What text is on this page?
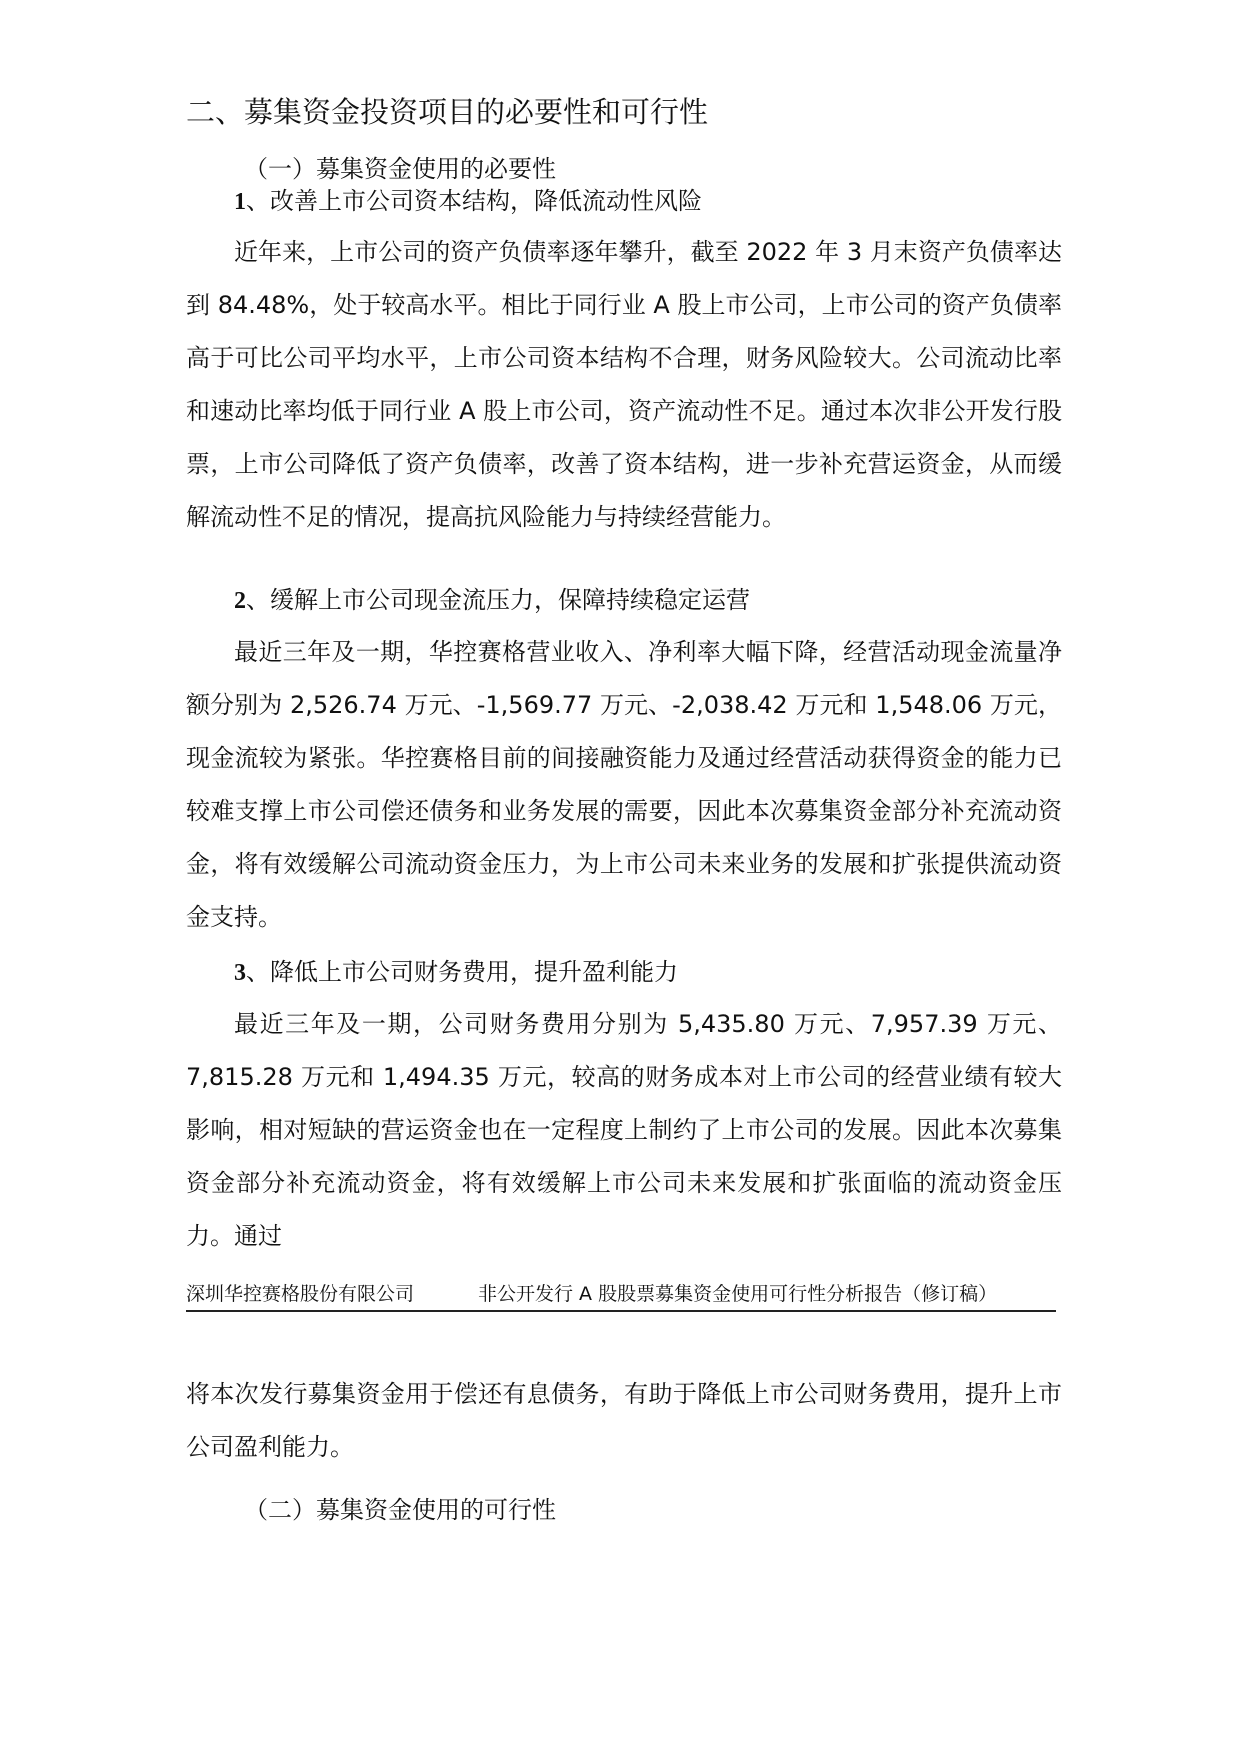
二、募集资金投资项目的必要性和可行性
（一）募集资金使用的必要性
1、改善上市公司资本结构，降低流动性风险
近年来，上市公司的资产负债率逐年攀升，截至 2022 年 3 月末资产负债率达到 84.48%，处于较高水平。相比于同行业 A 股上市公司，上市公司的资产负债率高于可比公司平均水平，上市公司资本结构不合理，财务风险较大。公司流动比率和速动比率均低于同行业 A 股上市公司，资产流动性不足。通过本次非公开发行股票，上市公司降低了资产负债率，改善了资本结构，进一步补充营运资金，从而缓解流动性不足的情况，提高抗风险能力与持续经营能力。
2、缓解上市公司现金流压力，保障持续稳定运营
最近三年及一期，华控赛格营业收入、净利率大幅下降，经营活动现金流量净额分别为 2,526.74 万元、-1,569.77 万元、-2,038.42 万元和 1,548.06 万元，现金流较为紧张。华控赛格目前的间接融资能力及通过经营活动获得资金的能力已较难支撑上市公司偿还债务和业务发展的需要，因此本次募集资金部分补充流动资金，将有效缓解公司流动资金压力，为上市公司未来业务的发展和扩张提供流动资金支持。
3、降低上市公司财务费用，提升盈利能力
最近三年及一期，公司财务费用分别为 5,435.80 万元、7,957.39 万元、7,815.28 万元和 1,494.35 万元，较高的财务成本对上市公司的经营业绩有较大影响，相对短缺的营运资金也在一定程度上制约了上市公司的发展。因此本次募集资金部分补充流动资金，将有效缓解上市公司未来发展和扩张面临的流动资金压力。通过
深圳华控赛格股份有限公司	非公开发行 A 股股票募集资金使用可行性分析报告（修订稿）
将本次发行募集资金用于偿还有息债务，有助于降低上市公司财务费用，提升上市公司盈利能力。
（二）募集资金使用的可行性
